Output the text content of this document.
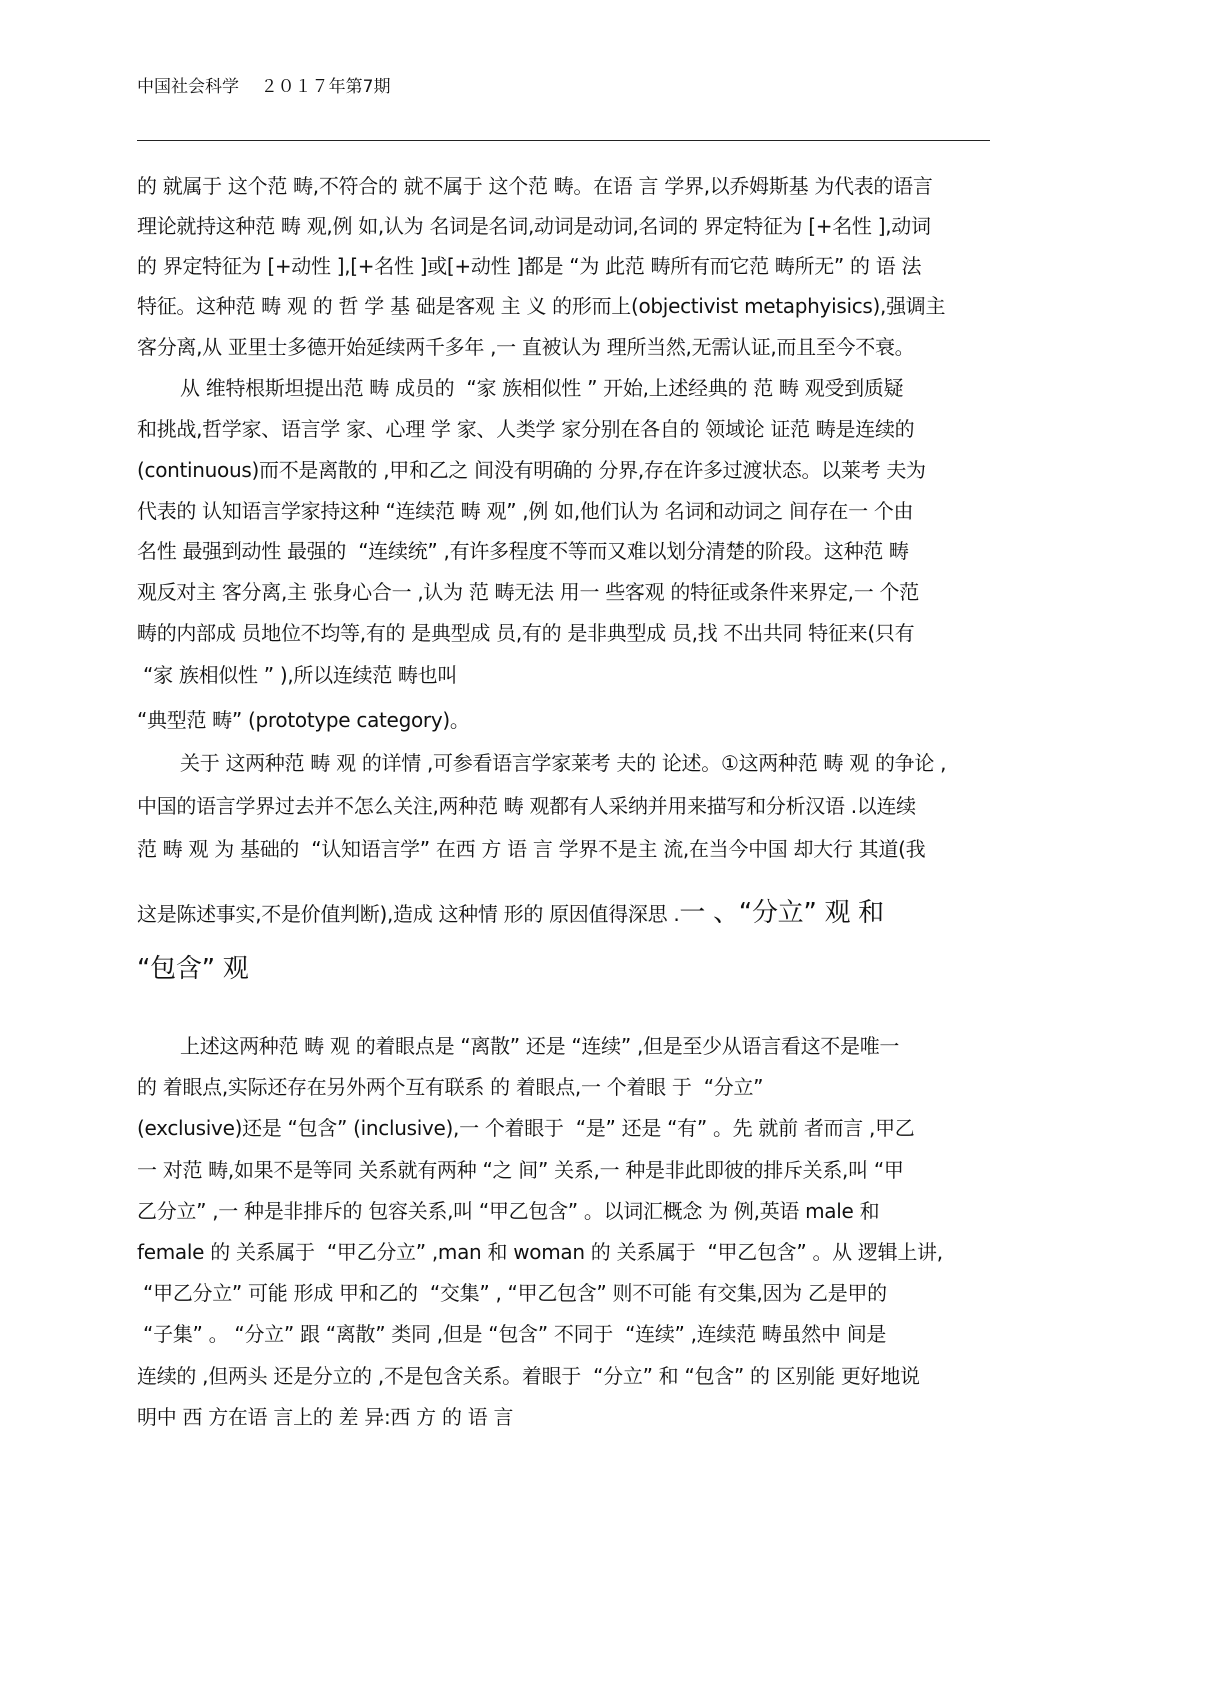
中国社会科学 ２０１７年第7期
的 就属于 这个范 畴,不符合的 就不属于 这个范 畴。在语 言 学界,以乔姆斯基 为代表的语言
理论就持这种范 畴 观,例 如,认为 名词是名词,动词是动词,名词的 界定特征为 [+名性 ],动词
的 界定特征为 [+动性 ],[+名性 ]或[+动性 ]都是 “为 此范 畴所有而它范 畴所无” 的 语 法
特征。这种范 畴 观 的 哲 学 基 础是客观 主 义 的形而上(objectivist metaphyisics),强调主
客分离,从 亚里士多德开始延续两千多年 ,一 直被认为 理所当然,无需认证,而且至今不衰。
从 维特根斯坦提出范 畴 成员的  “家 族相似性 ” 开始,上述经典的 范 畴 观受到质疑
和挑战,哲学家、语言学 家、心理 学 家、人类学 家分别在各自的 领域论 证范 畴是连续的
(continuous)而不是离散的 ,甲和乙之 间没有明确的 分界,存在许多过渡状态。以莱考 夫为
代表的 认知语言学家持这种 “连续范 畴 观” ,例 如,他们认为 名词和动词之 间存在一 个由
名性 最强到动性 最强的  “连续统” ,有许多程度不等而又难以划分清楚的阶段。这种范 畴
观反对主 客分离,主 张身心合一 ,认为 范 畴无法 用一 些客观 的特征或条件来界定,一 个范
畴的内部成 员地位不均等,有的 是典型成 员,有的 是非典型成 员,找 不出共同 特征来(只有
“家 族相似性 ” ),所以连续范 畴也叫
“典型范 畴” (prototype category)。
关于 这两种范 畴 观 的详情 ,可参看语言学家莱考 夫的 论述。①这两种范 畴 观 的争论 ,
中国的语言学界过去并不怎么关注,两种范 畴 观都有人采纳并用来描写和分析汉语 .以连续
范 畴 观 为 基础的  “认知语言学” 在西 方 语 言 学界不是主 流,在当今中国 却大行 其道(我
这是陈述事实,不是价值判断),造成 这种情 形的 原因值得深思 .一 、“分立” 观 和
“包含” 观
上述这两种范 畴 观 的着眼点是 “离散” 还是 “连续” ,但是至少从语言看这不是唯一
的 着眼点,实际还存在另外两个互有联系 的 着眼点,一 个着眼 于  “分立”
(exclusive)还是 “包含” (inclusive),一 个着眼于  “是” 还是 “有” 。先 就前 者而言 ,甲乙
一 对范 畴,如果不是等同 关系就有两种 “之 间” 关系,一 种是非此即彼的排斥关系,叫 “甲
乙分立” ,一 种是非排斥的 包容关系,叫 “甲乙包含” 。以词汇概念 为 例,英语 male 和
female 的 关系属于  “甲乙分立” ,man 和 woman 的 关系属于  “甲乙包含” 。从 逻辑上讲,
“甲乙分立” 可能 形成 甲和乙的  “交集” , “甲乙包含” 则不可能 有交集,因为 乙是甲的
“子集” 。 “分立” 跟 “离散” 类同 ,但是 “包含” 不同于  “连续” ,连续范 畴虽然中 间是
连续的 ,但两头 还是分立的 ,不是包含关系。着眼于  “分立” 和 “包含” 的 区别能 更好地说
明中 西 方在语 言上的 差 异:西 方 的 语 言
